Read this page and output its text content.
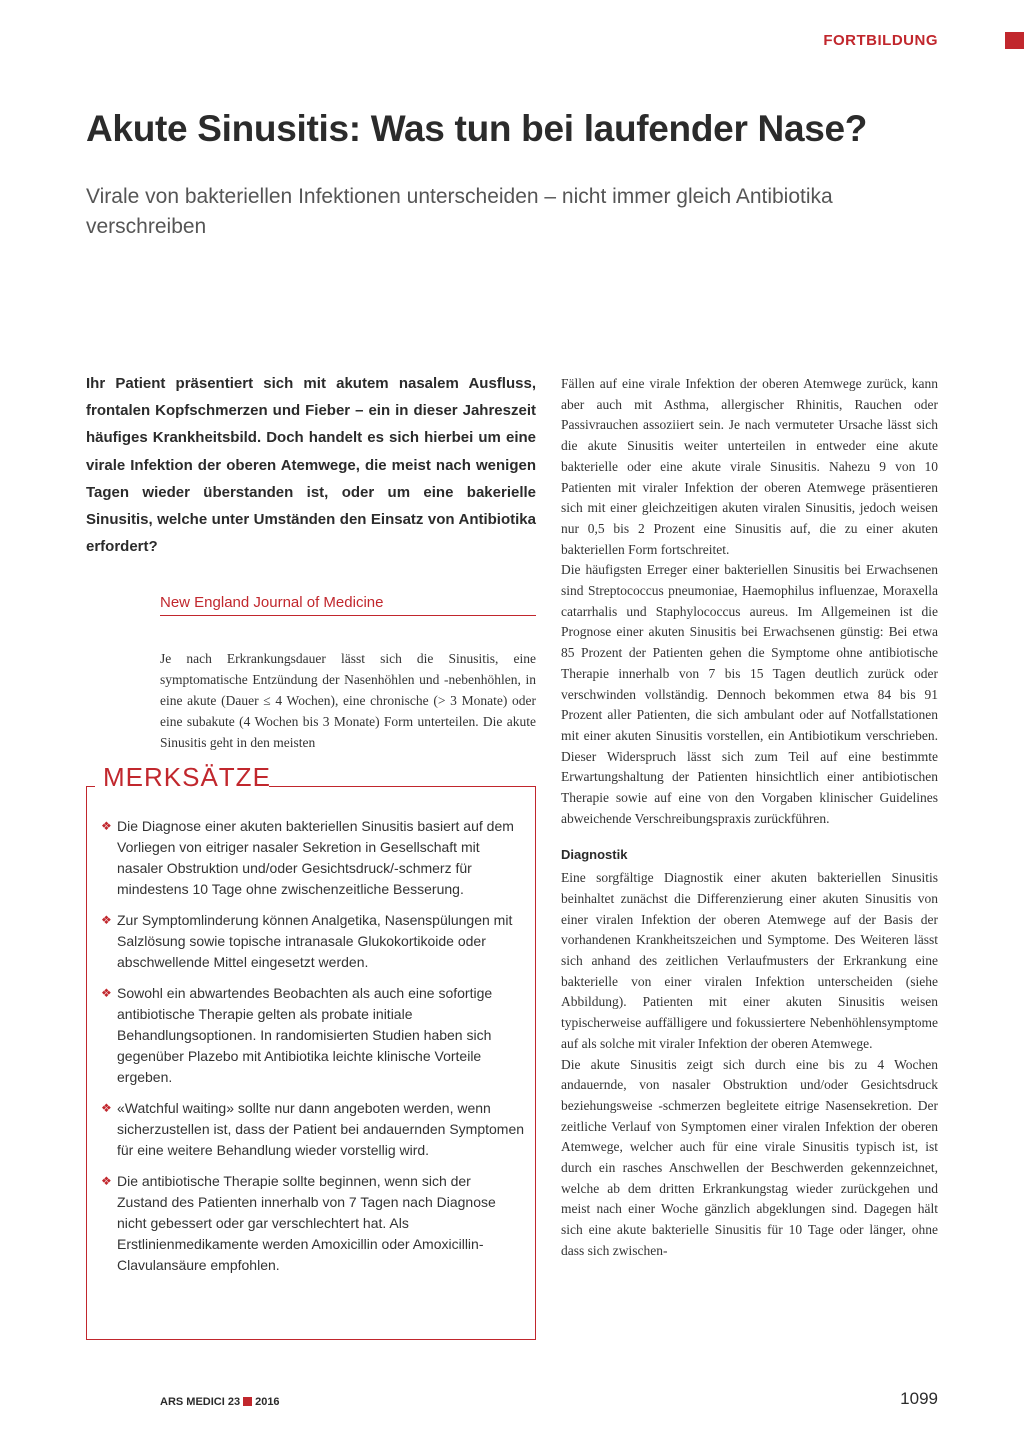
FORTBILDUNG
Akute Sinusitis: Was tun bei laufender Nase?
Virale von bakteriellen Infektionen unterscheiden – nicht immer gleich Antibiotika verschreiben

Ihr Patient präsentiert sich mit akutem nasalem Ausfluss, frontalen Kopfschmerzen und Fieber – ein in dieser Jahreszeit häufiges Krankheitsbild. Doch handelt es sich hierbei um eine virale Infektion der oberen Atemwege, die meist nach wenigen Tagen wieder überstanden ist, oder um eine bakerielle Sinusitis, welche unter Umständen den Einsatz von Antibiotika erfordert?

New England Journal of Medicine

Je nach Erkrankungsdauer lässt sich die Sinusitis, eine symptomatische Entzündung der Nasenhöhlen und -nebenhöhlen, in eine akute (Dauer ≤ 4 Wochen), eine chronische (> 3 Monate) oder eine subakute (4 Wochen bis 3 Monate) Form unterteilen. Die akute Sinusitis geht in den meisten

MERKSÄTZE
❖ Die Diagnose einer akuten bakteriellen Sinusitis basiert auf dem Vorliegen von eitriger nasaler Sekretion in Gesellschaft mit nasaler Obstruktion und/oder Gesichtsdruck/-schmerz für mindestens 10 Tage ohne zwischenzeitliche Besserung.
❖ Zur Symptomlinderung können Analgetika, Nasenspülungen mit Salzlösung sowie topische intranasale Glukokortikoide oder abschwellende Mittel eingesetzt werden.
❖ Sowohl ein abwartendes Beobachten als auch eine sofortige antibiotische Therapie gelten als probate initiale Behandlungsoptionen. In randomisierten Studien haben sich gegenüber Plazebo mit Antibiotika leichte klinische Vorteile ergeben.
❖ «Watchful waiting» sollte nur dann angeboten werden, wenn sicherzustellen ist, dass der Patient bei andauernden Symptomen für eine weitere Behandlung wieder vorstellig wird.
❖ Die antibiotische Therapie sollte beginnen, wenn sich der Zustand des Patienten innerhalb von 7 Tagen nach Diagnose nicht gebessert oder gar verschlechtert hat. Als Erstlinienmedikamente werden Amoxicillin oder Amoxicillin-Clavulansäure empfohlen.

Fällen auf eine virale Infektion der oberen Atemwege zurück, kann aber auch mit Asthma, allergischer Rhinitis, Rauchen oder Passivrauchen assoziiert sein. Je nach vermuteter Ursache lässt sich die akute Sinusitis weiter unterteilen in entweder eine akute bakterielle oder eine akute virale Sinusitis. Nahezu 9 von 10 Patienten mit viraler Infektion der oberen Atemwege präsentieren sich mit einer gleichzeitigen akuten viralen Sinusitis, jedoch weisen nur 0,5 bis 2 Prozent eine Sinusitis auf, die zu einer akuten bakteriellen Form fortschreitet.

Die häufigsten Erreger einer bakteriellen Sinusitis bei Erwachsenen sind Streptococcus pneumoniae, Haemophilus influenzae, Moraxella catarrhalis und Staphylococcus aureus. Im Allgemeinen ist die Prognose einer akuten Sinusitis bei Erwachsenen günstig: Bei etwa 85 Prozent der Patienten gehen die Symptome ohne antibiotische Therapie innerhalb von 7 bis 15 Tagen deutlich zurück oder verschwinden vollständig. Dennoch bekommen etwa 84 bis 91 Prozent aller Patienten, die sich ambulant oder auf Notfallstationen mit einer akuten Sinusitis vorstellen, ein Antibiotikum verschrieben. Dieser Widerspruch lässt sich zum Teil auf eine bestimmte Erwartungshaltung der Patienten hinsichtlich einer antibiotischen Therapie sowie auf eine von den Vorgaben klinischer Guidelines abweichende Verschreibungspraxis zurückführen.

Diagnostik

Eine sorgfältige Diagnostik einer akuten bakteriellen Sinusitis beinhaltet zunächst die Differenzierung einer akuten Sinusitis von einer viralen Infektion der oberen Atemwege auf der Basis der vorhandenen Krankheitszeichen und Symptome. Des Weiteren lässt sich anhand des zeitlichen Verlaufmusters der Erkrankung eine bakterielle von einer viralen Infektion unterscheiden (siehe Abbildung). Patienten mit einer akuten Sinusitis weisen typischerweise auffälligere und fokussiertere Nebenhöhlensymptome auf als solche mit viraler Infektion der oberen Atemwege.

Die akute Sinusitis zeigt sich durch eine bis zu 4 Wochen andauernde, von nasaler Obstruktion und/oder Gesichtsdruck beziehungsweise -schmerzen begleitete eitrige Nasensekretion. Der zeitliche Verlauf von Symptomen einer viralen Infektion der oberen Atemwege, welcher auch für eine virale Sinusitis typisch ist, ist durch ein rasches Anschwellen der Beschwerden gekennzeichnet, welche ab dem dritten Erkrankungstag wieder zurückgehen und meist nach einer Woche gänzlich abgeklungen sind. Dagegen hält sich eine akute bakterielle Sinusitis für 10 Tage oder länger, ohne dass sich zwischen-

ARS MEDICI 23 2016	1099
